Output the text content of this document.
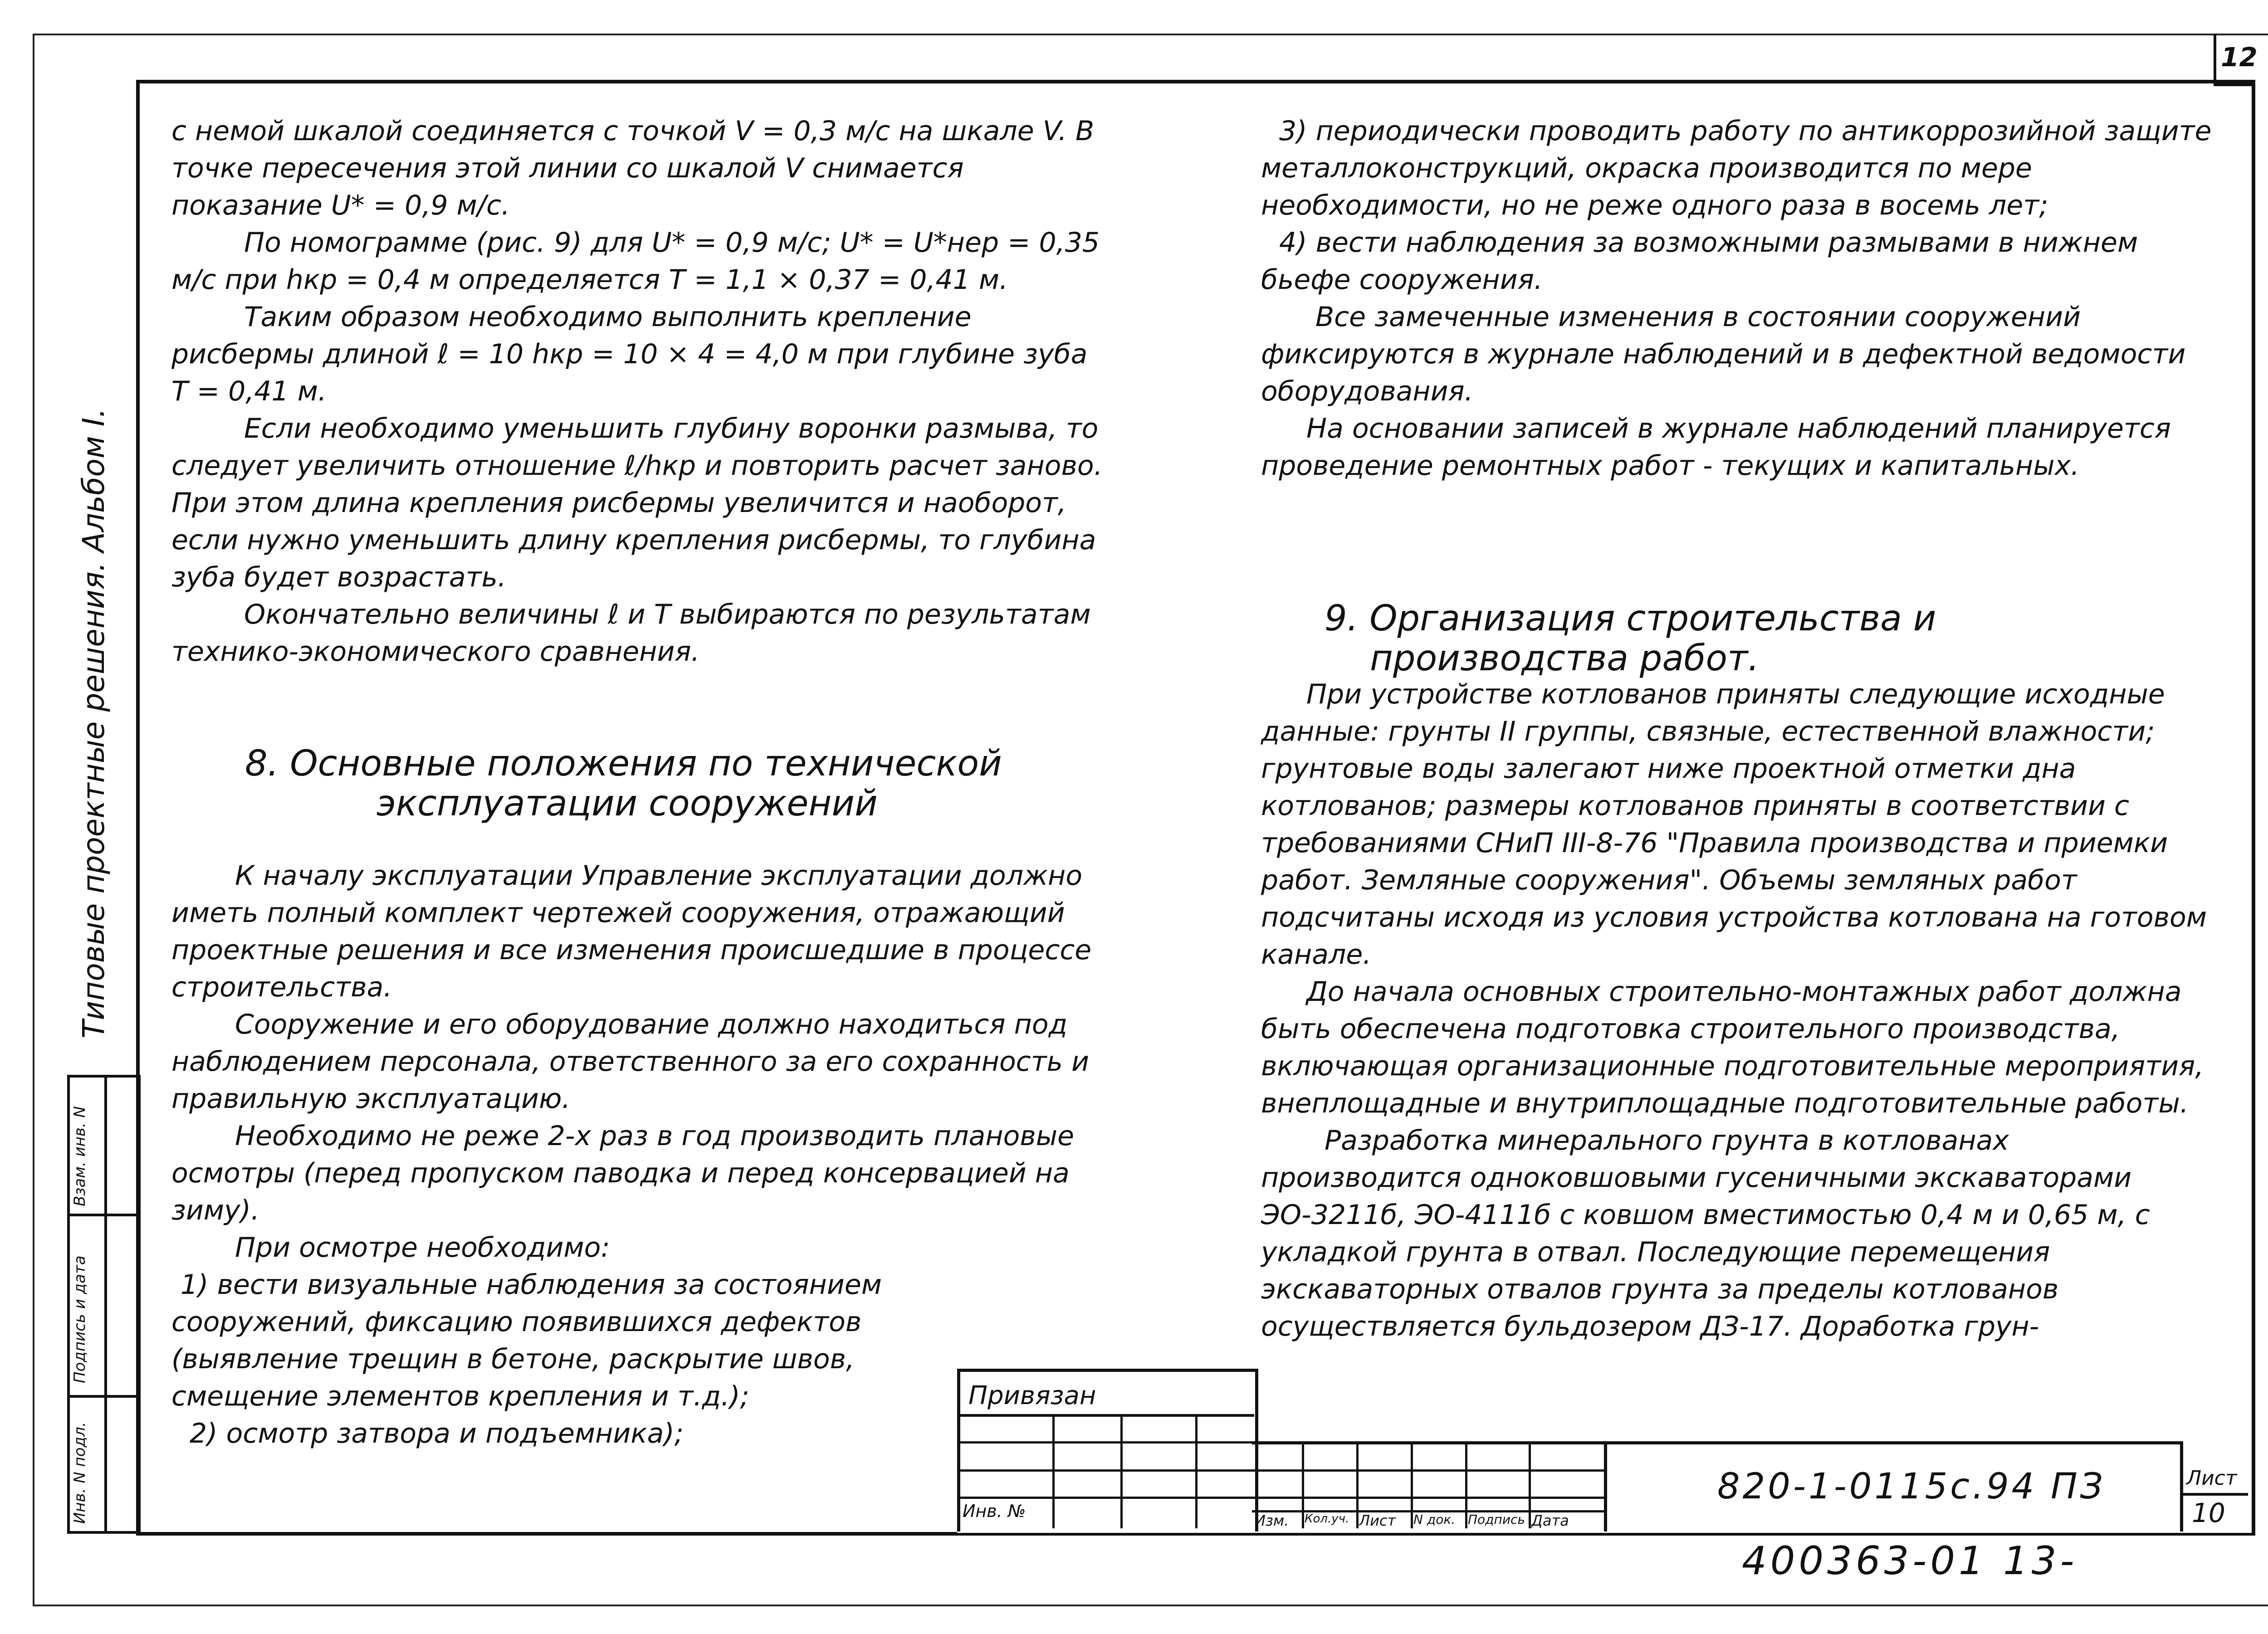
12
Типовые проектные решения. Альбом I.
Взам. инв. N
Подпись и дата
Инв. N подл.

с немой шкалой соединяется с точкой V = 0,3 м/с на шкале V. В точке пересечения этой линии со шкалой V снимается показание U* = 0,9 м/с.

По номограмме (рис. 9) для U* = 0,9 м/с; U* = U*нер = 0,35 м/с при hкр = 0,4 м определяется T = 1,1 × 0,37 = 0,41 м.

Таким образом необходимо выполнить крепление рисбермы длиной ℓ = 10 hкр = 10 × 4 = 4,0 м при глубине зуба T = 0,41 м.

Если необходимо уменьшить глубину воронки размыва, то следует увеличить отношение ℓ/hкр и повторить расчет заново. При этом длина крепления рисбермы увеличится и наоборот, если нужно уменьшить длину крепления рисбермы, то глубина зуба будет возрастать.

Окончательно величины ℓ и T выбираются по результатам технико-экономического сравнения.

8. Основные положения по технической
эксплуатации сооружений

К началу эксплуатации Управление эксплуатации должно иметь полный комплект чертежей сооружения, отражающий проектные решения и все изменения происшедшие в процессе строительства.

Сооружение и его оборудование должно находиться под наблюдением персонала, ответственного за его сохранность и правильную эксплуатацию.

Необходимо не реже 2-х раз в год производить плановые осмотры (перед пропуском паводка и перед консервацией на зиму).

При осмотре необходимо:

1) вести визуальные наблюдения за состоянием сооружений, фиксацию появившихся дефектов (выявление трещин в бетоне, раскрытие швов, смещение элементов крепления и т.д.);

2) осмотр затвора и подъемника);

3) периодически проводить работу по антикоррозийной защите металлоконструкций, окраска производится по мере необходимости, но не реже одного раза в восемь лет;

4) вести наблюдения за возможными размывами в нижнем бьефе сооружения.

Все замеченные изменения в состоянии сооружений фиксируются в журнале наблюдений и в дефектной ведомости оборудования.

На основании записей в журнале наблюдений планируется проведение ремонтных работ - текущих и капитальных.

9. Организация строительства и
производства работ.

При устройстве котлованов приняты следующие исходные данные: грунты II группы, связные, естественной влажности; грунтовые воды залегают ниже проектной отметки дна котлованов; размеры котлованов приняты в соответствии с требованиями СНиП III-8-76 "Правила производства и приемки работ. Земляные сооружения". Объемы земляных работ подсчитаны исходя из условия устройства котлована на готовом канале.

До начала основных строительно-монтажных работ должна быть обеспечена подготовка строительного производства, включающая организационные подготовительные мероприятия, внеплощадные и внутриплощадные подготовительные работы.

Разработка минерального грунта в котлованах производится одноковшовыми гусеничными экскаваторами ЭО-3211б, ЭО-4111б с ковшом вместимостью 0,4 м и 0,65 м, с укладкой грунта в отвал. Последующие перемещения экскаваторных отвалов грунта за пределы котлованов осуществляется бульдозером ДЗ-17. Доработка грун-

Привязан
Инв. №	Изм.	Кол.уч. Лист	N док. Подпись Дата
820-1-0115с.94 ПЗ	Лист
10
400363-01 13-
